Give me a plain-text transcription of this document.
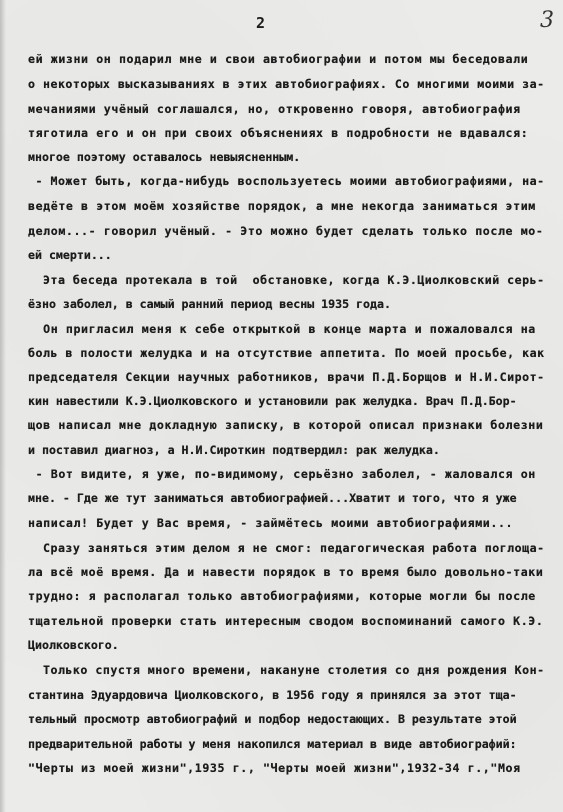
2	3
ей жизни он подарил мне и свои автобиографии и потом мы беседовали
о некоторых высказываниях в этих автобиографиях. Со многими моими за-
мечаниями учёный соглашался, но, откровенно говоря, автобиография
тяготила его и он при своих объяснениях в подробности не вдавался:
многое поэтому оставалось невыясненным.
- Может быть, когда-нибудь воспользуетесь моими автобиографиями, на-
ведёте в этом моём хозяйстве порядок, а мне некогда заниматься этим
делом...- говорил учёный. - Это можно будет сделать только после мо-
ей смерти...
Эта беседа протекала в той  обстановке, когда К.Э.Циолковский серь-
ёзно заболел, в самый ранний период весны 1935 года.
Он пригласил меня к себе открыткой в конце марта и пожаловался на
боль в полости желудка и на отсутствие аппетита. По моей просьбе, как
председателя Секции научных работников, врачи П.Д.Борщов и Н.И.Сирот-
кин навестили К.Э.Циолковского и установили рак желудка. Врач П.Д.Бор-
щов написал мне докладную записку, в которой описал признаки болезни
и поставил диагноз, а Н.И.Сироткин подтвердил: рак желудка.
- Вот видите, я уже, по-видимому, серьёзно заболел, - жаловался он
мне. - Где же тут заниматься автобиографией...Хватит и того, что я уже
написал! Будет у Вас время, - займётесь моими автобиографиями...
Сразу заняться этим делом я не смог: педагогическая работа поглоща-
ла всё моё время. Да и навести порядок в то время было довольно-таки
трудно: я располагал только автобиографиями, которые могли бы после
тщательной проверки стать интересным сводом воспоминаний самого К.Э.
Циолковского.
Только спустя много времени, накануне столетия со дня рождения Кон-
стантина Эдуардовича Циолковского, в 1956 году я принялся за этот тща-
тельный просмотр автобиографий и подбор недостающих. В результате этой
предварительной работы у меня накопился материал в виде автобиографий:
"Черты из моей жизни",1935 г., "Черты моей жизни",1932-34 г.,"Моя
